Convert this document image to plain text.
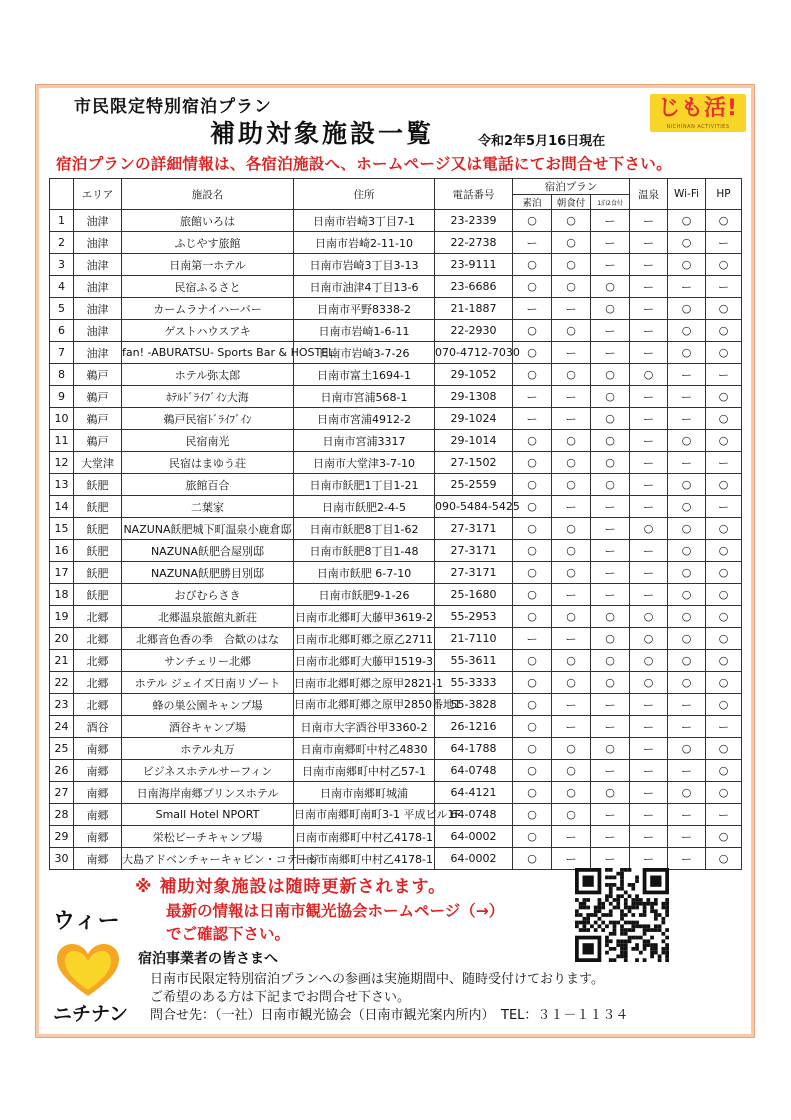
市民限定特別宿泊プラン
補助対象施設一覧	令和2年5月16日現在
じも活!
NICHINAN ACTIVITIES
宿泊プランの詳細情報は、各宿泊施設へ、ホームページ又は電話にてお問合せ下さい。
	エリア	施設名	住所	電話番号	宿泊プラン			温泉	Wi-Fi	HP
					素泊	朝食付	1泊2食付			
1	油津	旅館いろは	日南市岩崎3丁目7-1	23-2339	○	○	ー	ー	○	○
2	油津	ふじやす旅館	日南市岩崎2-11-10	22-2738	ー	○	ー	ー	○	ー
3	油津	日南第一ホテル	日南市岩崎3丁目3-13	23-9111	○	○	ー	ー	○	○
4	油津	民宿ふるさと	日南市油津4丁目13-6	23-6686	○	○	○	ー	ー	ー
5	油津	カームラナイハーバー	日南市平野8338-2	21-1887	ー	ー	○	ー	○	○
6	油津	ゲストハウスアキ	日南市岩崎1-6-11	22-2930	○	○	ー	ー	○	○
7	油津	fan! -ABURATSU- Sports Bar & HOSTEL	日南市岩崎3-7-26	070-4712-7030	○	ー	ー	ー	○	○
8	鵜戸	ホテル弥太郎	日南市富土1694-1	29-1052	○	○	○	○	ー	ー
9	鵜戸	ﾎﾃﾙﾄﾞﾗｲﾌﾞｲﾝ大海	日南市宮浦568-1	29-1308	ー	ー	○	ー	ー	○
10	鵜戸	鵜戸民宿ﾄﾞﾗｲﾌﾞｲﾝ	日南市宮浦4912-2	29-1024	ー	ー	○	ー	ー	○
11	鵜戸	民宿南光	日南市宮浦3317	29-1014	○	○	○	ー	○	○
12	大堂津	民宿はまゆう荘	日南市大堂津3-7-10	27-1502	○	○	○	ー	ー	ー
13	飫肥	旅館百合	日南市飫肥1丁目1-21	25-2559	○	○	○	ー	○	○
14	飫肥	二葉家	日南市飫肥2-4-5	090-5484-5425	○	ー	ー	ー	○	ー
15	飫肥	NAZUNA飫肥城下町温泉小鹿倉邸	日南市飫肥8丁目1-62	27-3171	○	○	ー	○	○	○
16	飫肥	NAZUNA飫肥合屋別邸	日南市飫肥8丁目1-48	27-3171	○	○	ー	ー	○	○
17	飫肥	NAZUNA飫肥勝目別邸	日南市飫肥 6-7-10	27-3171	○	○	ー	ー	○	○
18	飫肥	おびむらさき	日南市飫肥9-1-26	25-1680	○	ー	ー	ー	○	○
19	北郷	北郷温泉旅館丸新荘	日南市北郷町大藤甲3619-2	55-2953	○	○	○	○	○	○
20	北郷	北郷音色香の季　合歓のはな	日南市北郷町郷之原乙2711	21-7110	ー	ー	○	○	○	○
21	北郷	サンチェリー北郷	日南市北郷町大藤甲1519-3	55-3611	○	○	○	○	○	○
22	北郷	ホテル ジェイズ日南リゾート	日南市北郷町郷之原甲2821-1	55-3333	○	○	○	○	○	○
23	北郷	蜂の巣公園キャンプ場	日南市北郷町郷之原甲2850番地1	55-3828	○	ー	ー	ー	ー	○
24	酒谷	酒谷キャンプ場	日南市大字酒谷甲3360-2	26-1216	○	ー	ー	ー	ー	ー
25	南郷	ホテル丸万	日南市南郷町中村乙4830	64-1788	○	○	○	ー	○	○
26	南郷	ビジネスホテルサーフィン	日南市南郷町中村乙57-1	64-0748	○	○	ー	ー	ー	○
27	南郷	日南海岸南郷プリンスホテル	日南市南郷町城浦	64-4121	○	○	○	ー	○	○
28	南郷	Small Hotel NPORT	日南市南郷町南町3-1 平成ビル1F	64-0748	○	○	ー	ー	ー	ー
29	南郷	栄松ビーチキャンプ場	日南市南郷町中村乙4178-1	64-0002	○	ー	ー	ー	ー	○
30	南郷	大島アドベンチャーキャビン・コテージ	日南市南郷町中村乙4178-1	64-0002	○	ー	ー	ー	ー	○
※ 補助対象施設は随時更新されます。
最新の情報は日南市観光協会ホームページ（→）
でご確認下さい。
ウィー
ニチナン
宿泊事業者の皆さまへ
日南市民限定特別宿泊プランへの参画は実施期間中、随時受付けております。
ご希望のある方は下記までお問合せ下さい。
問合せ先：（一社）日南市観光協会（日南市観光案内所内）　TEL：３１－１１３４
